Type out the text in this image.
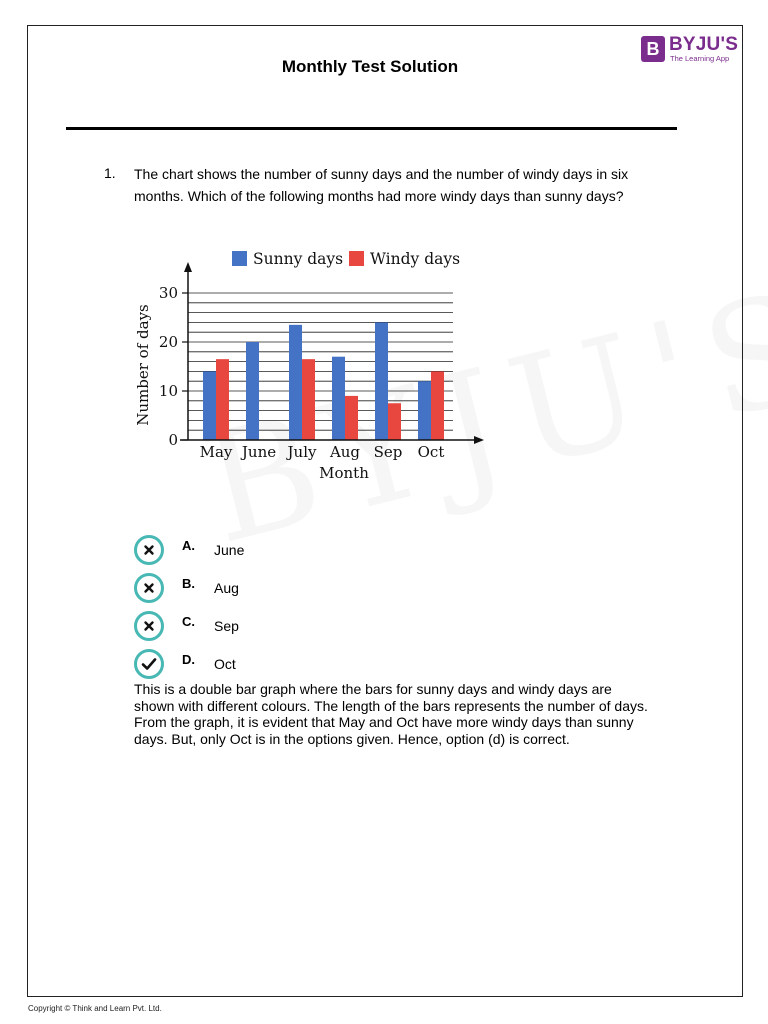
B BYJU'S
The Learning App
Monthly Test Solution
1. The chart shows the number of sunny days and the number of windy days in six months. Which of the following months had more windy days than sunny days?
0
10
20
30
May June July Aug Sep Oct
Month
Number of days
Sunny days Windy days
A. June
B. Aug
C. Sep
D. Oct
This is a double bar graph where the bars for sunny days and windy days are shown with different colours. The length of the bars represents the number of days. From the graph, it is evident that May and Oct have more windy days than sunny days. But, only Oct is in the options given. Hence, option (d) is correct.
Copyright © Think and Learn Pvt. Ltd.
